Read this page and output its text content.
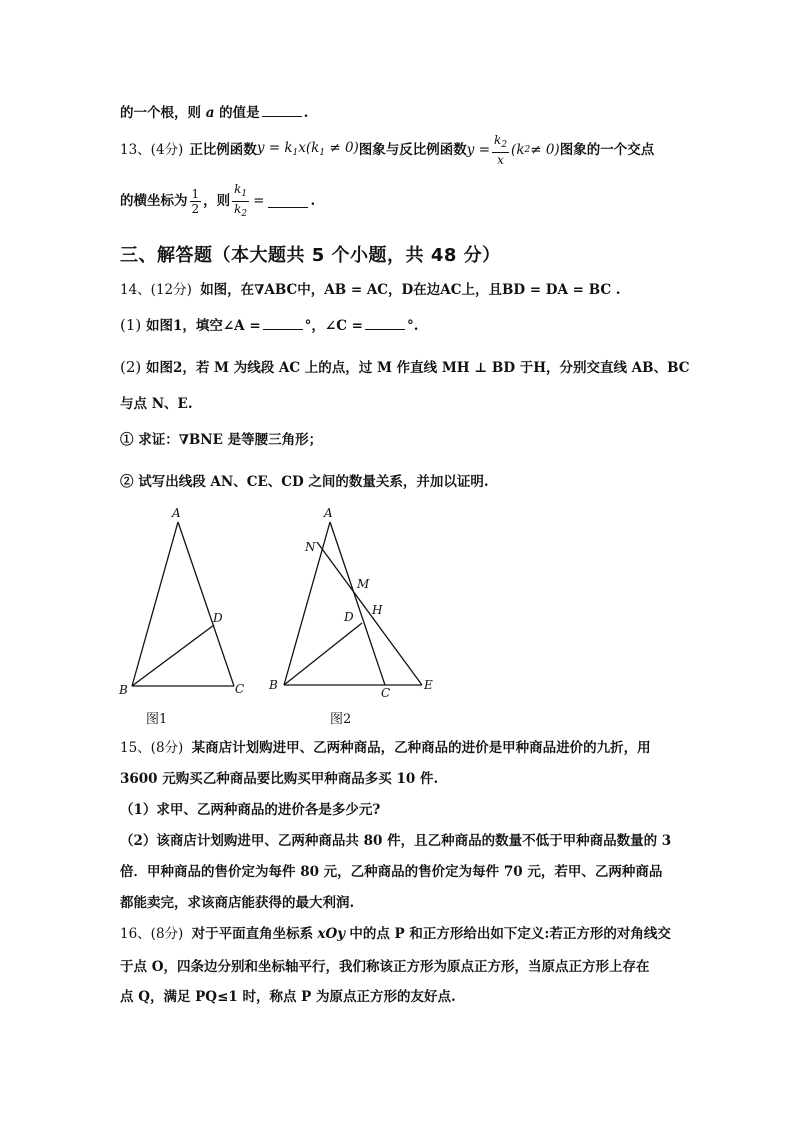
的一个根，则 a 的值是	.
13、(4分) 正比例函数 $y = k_1x(k_1 \ne 0)$ 图象与反比例函数 $y = \frac{k_2}{x} (k$ 2 ≠ 0) 图象的一个交点
的横坐标为 $\frac{1}{2}$ ，则 $\frac{k_1}{k_2}$ =	.
三、解答题（本大题共 5 个小题，共 48 分）
14、(12分) 如图，在∇ABC中，AB = AC，D在边AC上，且BD = DA = BC .
(1) 如图1，填空∠A =	°，∠C =	°.
(2) 如图2，若 M 为线段 AC 上的点，过 M 作直线 MH ⊥ BD 于H，分别交直线 AB、BC
与点 N、E.
① 求证：∇BNE 是等腰三角形；
② 试写出线段 AN、CE、CD 之间的数量关系，并加以证明.
A
B	C
D
图1
A
N
M
H
D
B
C
E
图2
15、(8分) 某商店计划购进甲、乙两种商品，乙种商品的进价是甲种商品进价的九折，用
3600 元购买乙种商品要比购买甲种商品多买 10 件.
（1）求甲、乙两种商品的进价各是多少元?
（2）该商店计划购进甲、乙两种商品共 80 件，且乙种商品的数量不低于甲种商品数量的 3
倍．甲种商品的售价定为每件 80 元，乙种商品的售价定为每件 70 元，若甲、乙两种商品
都能卖完，求该商店能获得的最大利润.
16、(8分) 对于平面直角坐标系 xOy 中的点 P 和正方形给出如下定义:若正方形的对角线交
于点 O，四条边分别和坐标轴平行，我们称该正方形为原点正方形，当原点正方形上存在
点 Q，满足 PQ≤1 时，称点 P 为原点正方形的友好点.
